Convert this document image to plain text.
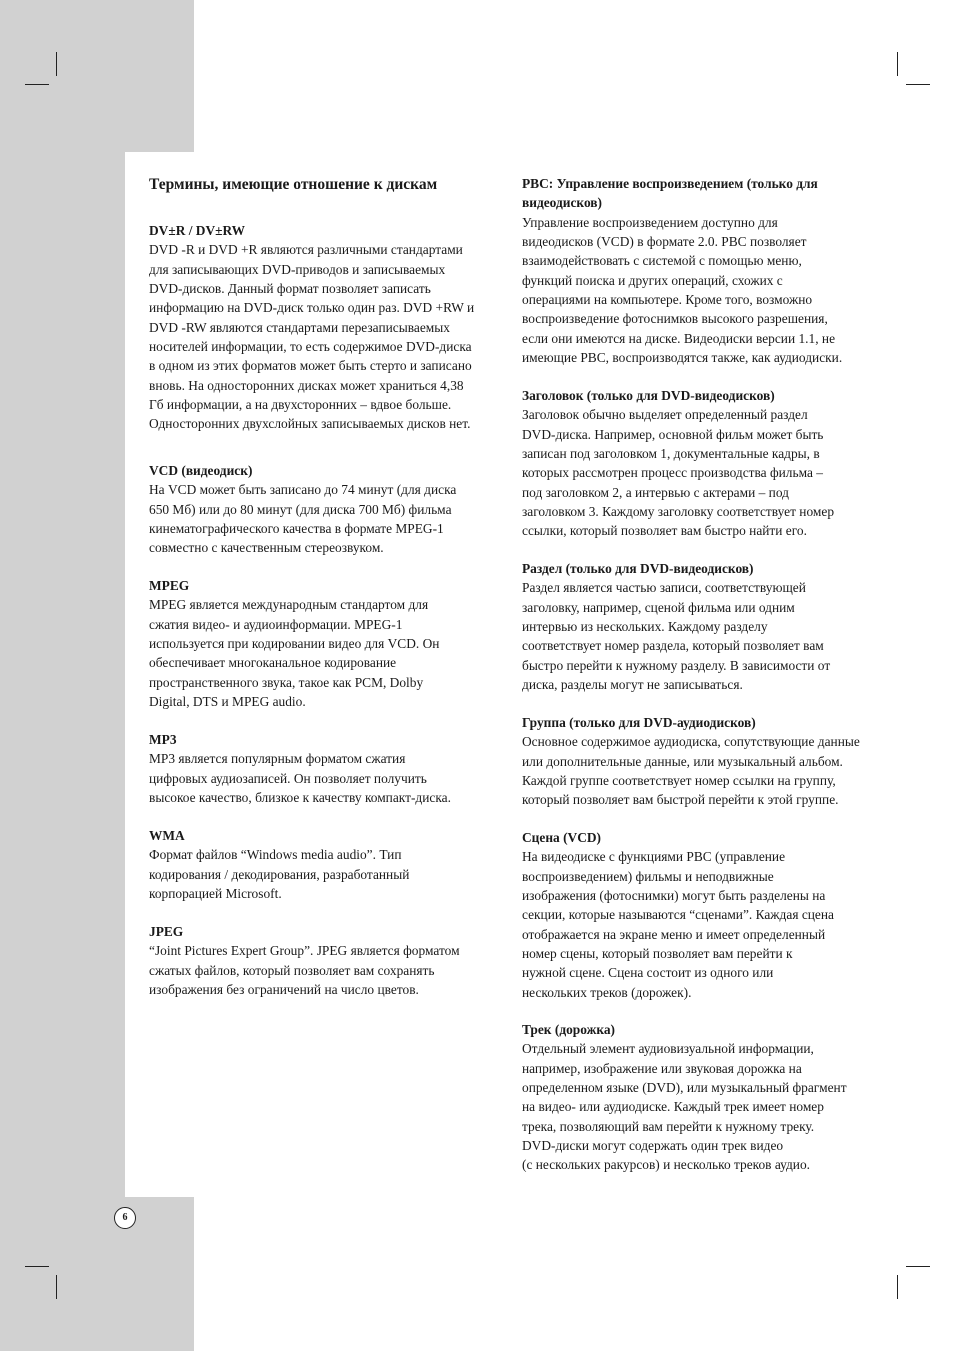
Термины, имеющие отношение к дискам
DV±R / DV±RW

DVD -R и DVD +R являются различными стандартами
для записывающих DVD-приводов и записываемых
DVD-дисков. Данный формат позволяет записать
информацию на DVD-диск только один раз. DVD +RW и
DVD -RW являются стандартами перезаписываемых
носителей информации, то есть содержимое DVD-диска
в одном из этих форматов может быть стерто и записано
вновь. На односторонних дисках может храниться 4,38
Гб информации, а на двухсторонних – вдвое больше.
Односторонних двухслойных записываемых дисков нет.

VCD (видеодиск)

На VCD может быть записано до 74 минут (для диска
650 Мб) или до 80 минут (для диска 700 Мб) фильма
кинематографического качества в формате MPEG-1
совместно с качественным стереозвуком.

MPEG

MPEG является международным стандартом для
сжатия видео- и аудиоинформации. MPEG-1
используется при кодировании видео для VCD. Он
обеспечивает многоканальное кодирование
пространственного звука, такое как PCM, Dolby
Digital, DTS и MPEG audio.

MP3

MP3 является популярным форматом сжатия
цифровых аудиозаписей. Он позволяет получить
высокое качество, близкое к качеству компакт-диска.

WMA

Формат файлов “Windows media audio”. Тип
кодирования / декодирования, разработанный
корпорацией Microsoft.

JPEG

“Joint Pictures Expert Group”. JPEG является форматом
сжатых файлов, который позволяет вам сохранять
изображения без ограничений на число цветов.

PBC: Управление воспроизведением (только для
видеодисков)

Управление воспроизведением доступно для
видеодисков (VCD) в формате 2.0. PBC позволяет
взаимодействовать с системой с помощью меню,
функций поиска и других операций, схожих с
операциями на компьютере. Кроме того, возможно
воспроизведение фотоснимков высокого разрешения,
если они имеются на диске. Видеодиски версии 1.1, не
имеющие PBC, воспроизводятся также, как аудиодиски.

Заголовок (только для DVD-видеодисков)

Заголовок обычно выделяет определенный раздел
DVD-диска. Например, основной фильм может быть
записан под заголовком 1, документальные кадры, в
которых рассмотрен процесс производства фильма –
под заголовком 2, а интервью с актерами – под
заголовком 3. Каждому заголовку соответствует номер
ссылки, который позволяет вам быстро найти его.

Раздел (только для DVD-видеодисков)

Раздел является частью записи, соответствующей
заголовку, например, сценой фильма или одним
интервью из нескольких. Каждому разделу
соответствует номер раздела, который позволяет вам
быстро перейти к нужному разделу. В зависимости от
диска, разделы могут не записываться.

Группа (только для DVD-аудиодисков)

Основное содержимое аудиодиска, сопутствующие данные
или дополнительные данные, или музыкальный альбом.
Каждой группе соответствует номер ссылки на группу,
который позволяет вам быстрой перейти к этой группе.

Сцена (VCD)

На видеодиске с функциями PBC (управление
воспроизведением) фильмы и неподвижные
изображения (фотоснимки) могут быть разделены на
секции, которые называются “сценами”. Каждая сцена
отображается на экране меню и имеет определенный
номер сцены, который позволяет вам перейти к
нужной сцене. Сцена состоит из одного или
нескольких треков (дорожек).

Трек (дорожка)

Отдельный элемент аудиовизуальной информации,
например, изображение или звуковая дорожка на
определенном языке (DVD), или музыкальный фрагмент
на видео- или аудиодиске. Каждый трек имеет номер
трека, позволяющий вам перейти к нужному треку.
DVD-диски могут содержать один трек видео
(с нескольких ракурсов) и несколько треков аудио.

6
